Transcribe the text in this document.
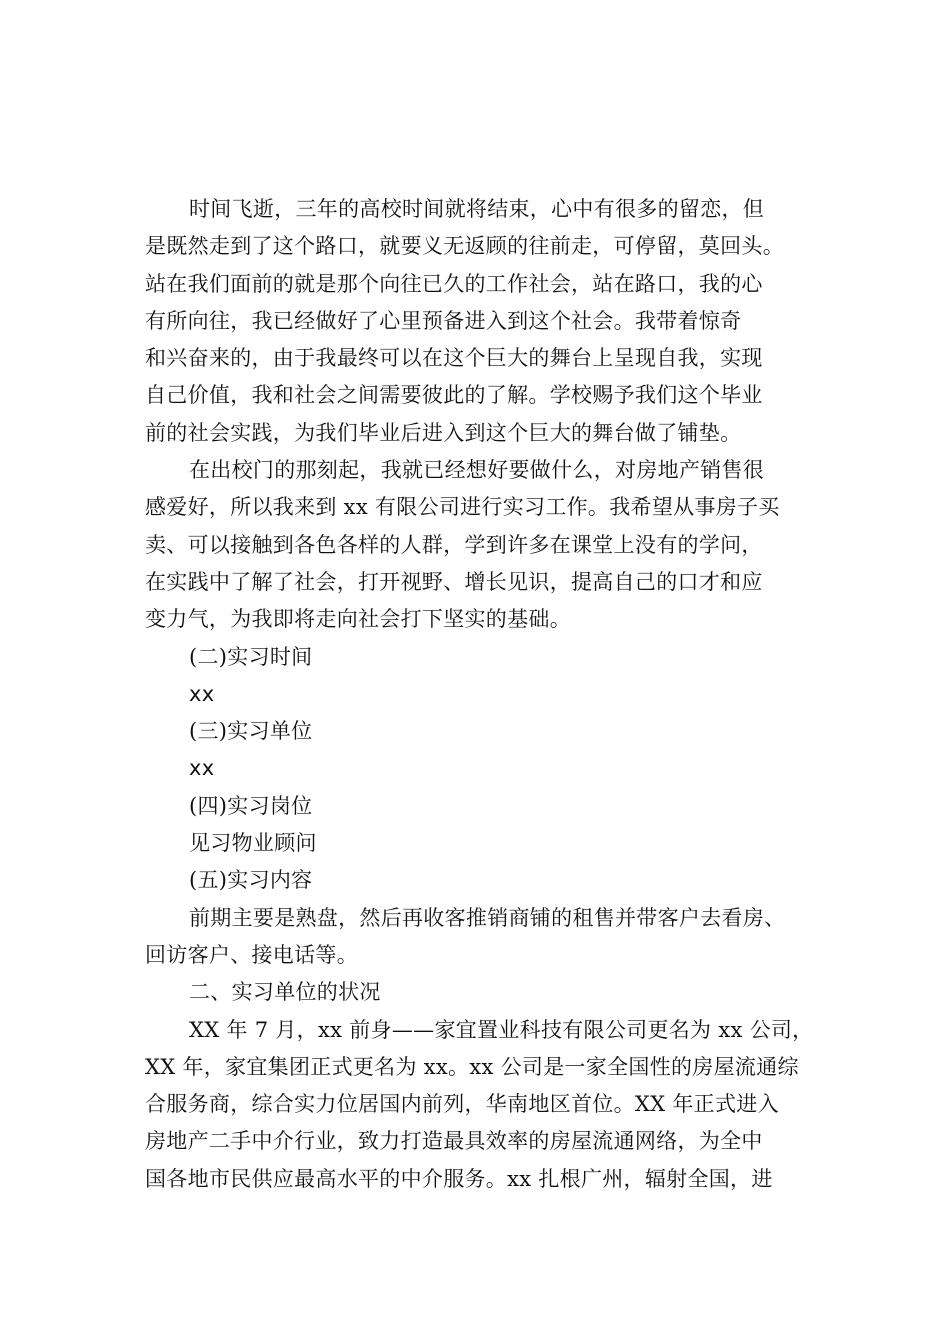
时间飞逝，三年的高校时间就将结束，心中有很多的留恋，但
是既然走到了这个路口，就要义无返顾的往前走，可停留，莫回头。
站在我们面前的就是那个向往已久的工作社会，站在路口，我的心
有所向往，我已经做好了心里预备进入到这个社会。我带着惊奇
和兴奋来的，由于我最终可以在这个巨大的舞台上呈现自我，实现
自己价值，我和社会之间需要彼此的了解。学校赐予我们这个毕业
前的社会实践，为我们毕业后进入到这个巨大的舞台做了铺垫。
在出校门的那刻起，我就已经想好要做什么，对房地产销售很
感爱好，所以我来到 xx 有限公司进行实习工作。我希望从事房子买
卖、可以接触到各色各样的人群，学到许多在课堂上没有的学问，
在实践中了解了社会，打开视野、增长见识，提高自己的口才和应
变力气，为我即将走向社会打下坚实的基础。
(二)实习时间
xx
(三)实习单位
xx
(四)实习岗位
见习物业顾问
(五)实习内容
前期主要是熟盘，然后再收客推销商铺的租售并带客户去看房、
回访客户、接电话等。
二、实习单位的状况
XX 年 7 月，xx 前身——家宜置业科技有限公司更名为 xx 公司，
XX 年，家宜集团正式更名为 xx。xx 公司是一家全国性的房屋流通综
合服务商，综合实力位居国内前列，华南地区首位。XX 年正式进入
房地产二手中介行业，致力打造最具效率的房屋流通网络，为全中
国各地市民供应最高水平的中介服务。xx 扎根广州，辐射全国，进
